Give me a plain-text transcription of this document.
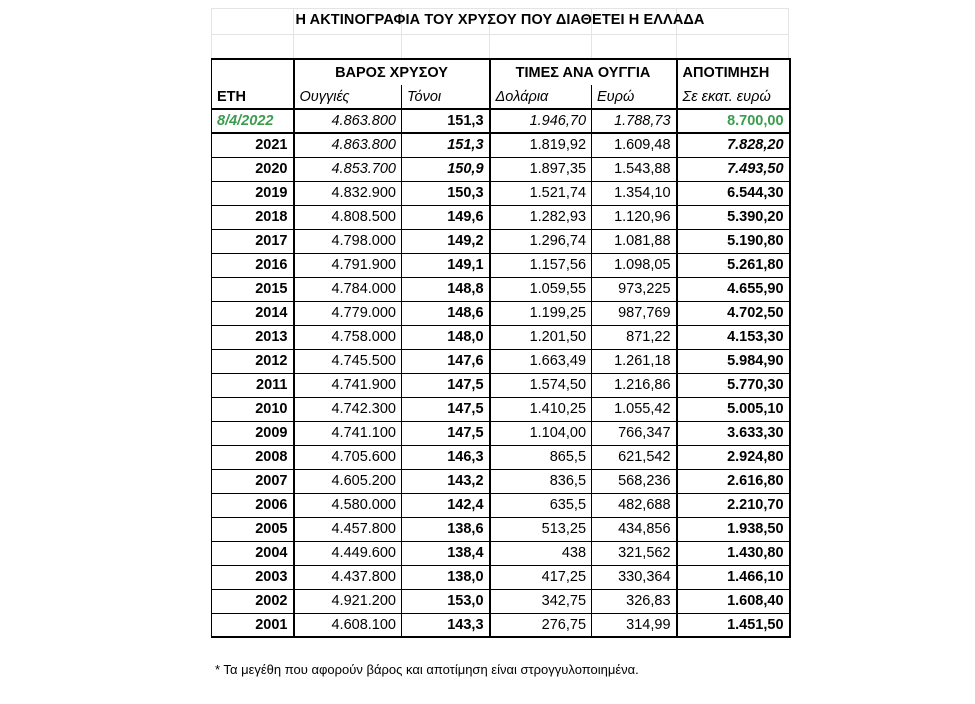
Η ΑΚΤΙΝΟΓΡΑΦΙΑ ΤΟΥ ΧΡΥΣΟΥ ΠΟΥ ΔΙΑΘΕΤΕΙ Η ΕΛΛΑΔΑ
	ΒΑΡΟΣ ΧΡΥΣΟΥ		ΤΙΜΕΣ ΑΝΑ ΟΥΓΓΙΑ		ΑΠΟΤΙΜΗΣΗ
ΕΤΗ	Ουγγιές	Τόνοι	Δολάρια	Ευρώ	Σε εκατ. ευρώ
8/4/2022	4.863.800	151,3	1.946,70	1.788,73	8.700,00
2021	4.863.800	151,3	1.819,92	1.609,48	7.828,20
2020	4.853.700	150,9	1.897,35	1.543,88	7.493,50
2019	4.832.900	150,3	1.521,74	1.354,10	6.544,30
2018	4.808.500	149,6	1.282,93	1.120,96	5.390,20
2017	4.798.000	149,2	1.296,74	1.081,88	5.190,80
2016	4.791.900	149,1	1.157,56	1.098,05	5.261,80
2015	4.784.000	148,8	1.059,55	973,225	4.655,90
2014	4.779.000	148,6	1.199,25	987,769	4.702,50
2013	4.758.000	148,0	1.201,50	871,22	4.153,30
2012	4.745.500	147,6	1.663,49	1.261,18	5.984,90
2011	4.741.900	147,5	1.574,50	1.216,86	5.770,30
2010	4.742.300	147,5	1.410,25	1.055,42	5.005,10
2009	4.741.100	147,5	1.104,00	766,347	3.633,30
2008	4.705.600	146,3	865,5	621,542	2.924,80
2007	4.605.200	143,2	836,5	568,236	2.616,80
2006	4.580.000	142,4	635,5	482,688	2.210,70
2005	4.457.800	138,6	513,25	434,856	1.938,50
2004	4.449.600	138,4	438	321,562	1.430,80
2003	4.437.800	138,0	417,25	330,364	1.466,10
2002	4.921.200	153,0	342,75	326,83	1.608,40
2001	4.608.100	143,3	276,75	314,99	1.451,50
* Τα μεγέθη που αφορούν βάρος και αποτίμηση είναι στρογγυλοποιημένα.
